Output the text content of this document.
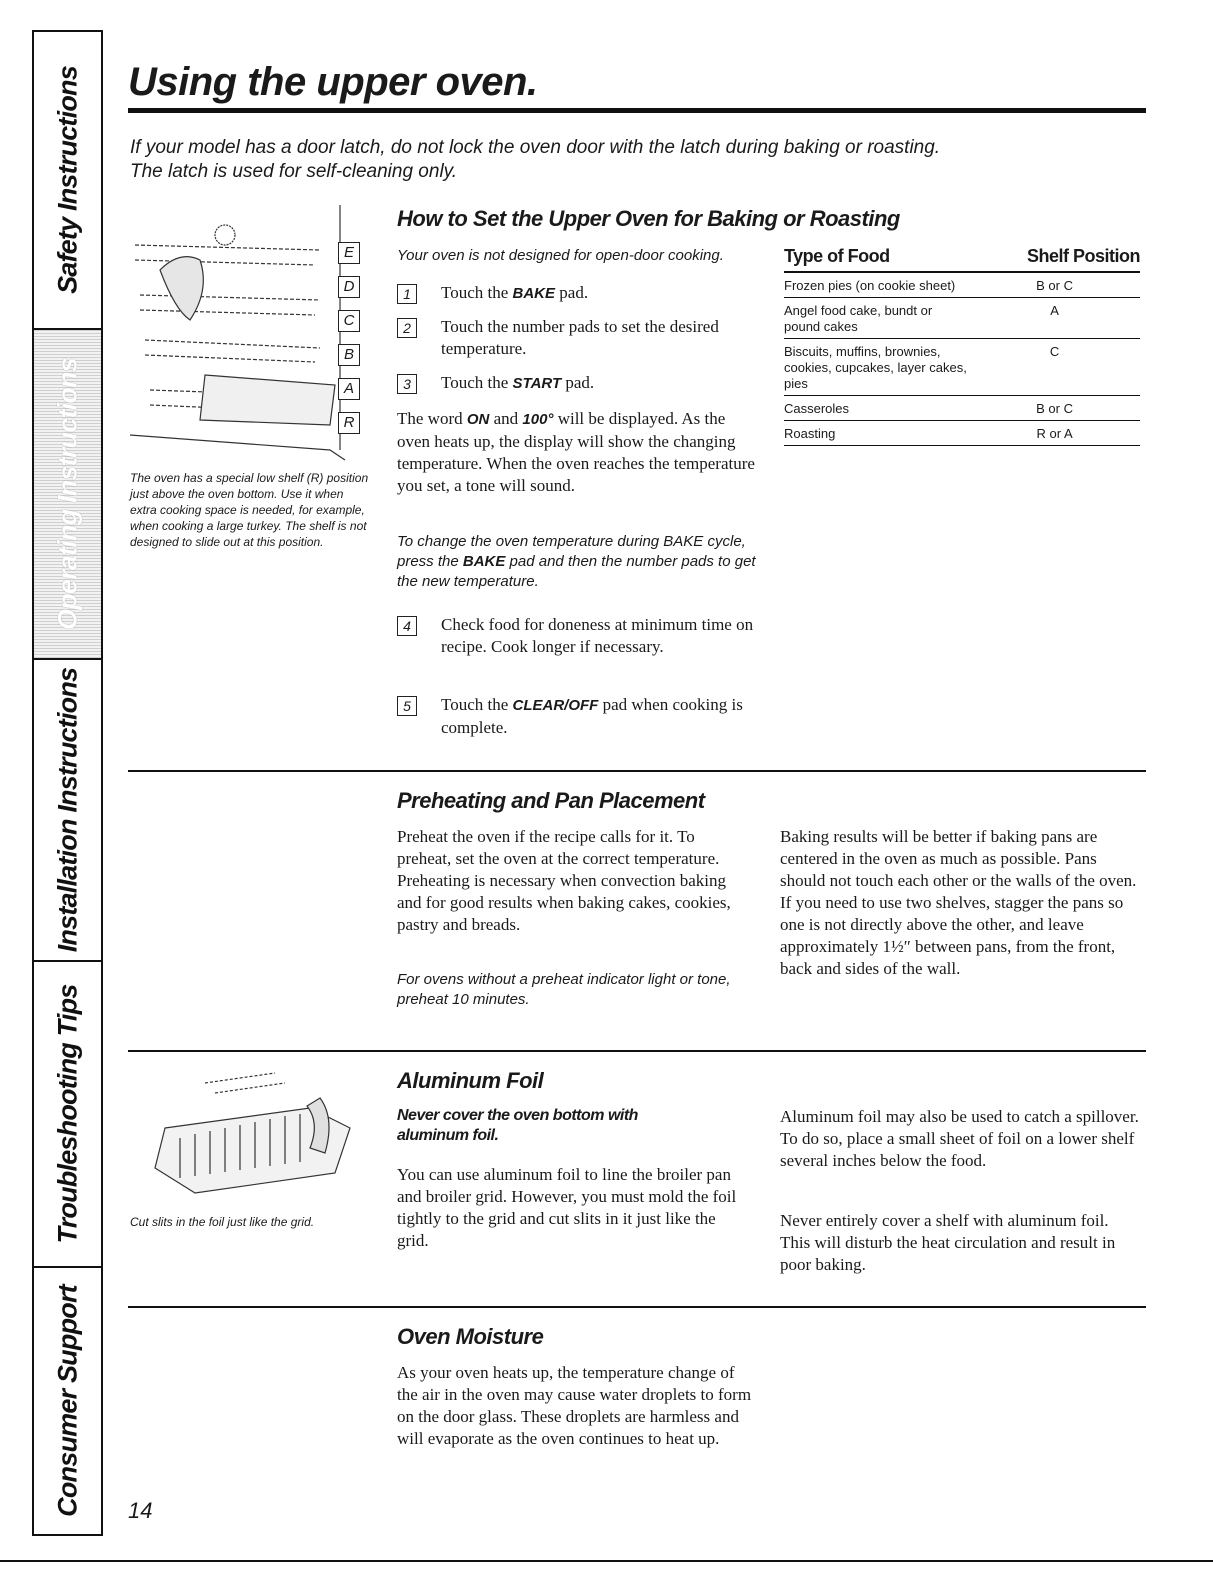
Safety Instructions
Operating Instructions
Installation Instructions
Troubleshooting Tips
Consumer Support
Using the upper oven.
If your model has a door latch, do not lock the oven door with the latch during baking or roasting.
The latch is used for self-cleaning only.
E
D
C
B
A
R
The oven has a special low shelf (R) position just above the oven bottom. Use it when extra cooking space is needed, for example, when cooking a large turkey. The shelf is not designed to slide out at this position.
How to Set the Upper Oven for Baking or Roasting
Your oven is not designed for open-door cooking.
1	Touch the BAKE pad.
2	Touch the number pads to set the desired temperature.
3	Touch the START pad.
The word ON and 100° will be displayed. As the oven heats up, the display will show the changing temperature. When the oven reaches the temperature you set, a tone will sound.
To change the oven temperature during BAKE cycle, press the BAKE pad and then the number pads to get the new temperature.
4	Check food for doneness at minimum time on recipe. Cook longer if necessary.
5	Touch the CLEAR/OFF pad when cooking is complete.
Type of Food	Shelf Position
Frozen pies (on cookie sheet)	B or C
Angel food cake, bundt or pound cakes	A
Biscuits, muffins, brownies, cookies, cupcakes, layer cakes, pies	C
Casseroles	B or C
Roasting	R or A
Preheating and Pan Placement
Preheat the oven if the recipe calls for it. To preheat, set the oven at the correct temperature. Preheating is necessary when convection baking and for good results when baking cakes, cookies, pastry and breads.
For ovens without a preheat indicator light or tone, preheat 10 minutes.
Baking results will be better if baking pans are centered in the oven as much as possible. Pans should not touch each other or the walls of the oven. If you need to use two shelves, stagger the pans so one is not directly above the other, and leave approximately 1½″ between pans, from the front, back and sides of the wall.
Cut slits in the foil just like the grid.
Aluminum Foil
Never cover the oven bottom with aluminum foil.
You can use aluminum foil to line the broiler pan and broiler grid. However, you must mold the foil tightly to the grid and cut slits in it just like the grid.
Aluminum foil may also be used to catch a spillover. To do so, place a small sheet of foil on a lower shelf several inches below the food.
Never entirely cover a shelf with aluminum foil. This will disturb the heat circulation and result in poor baking.
Oven Moisture
As your oven heats up, the temperature change of the air in the oven may cause water droplets to form on the door glass. These droplets are harmless and will evaporate as the oven continues to heat up.
14
